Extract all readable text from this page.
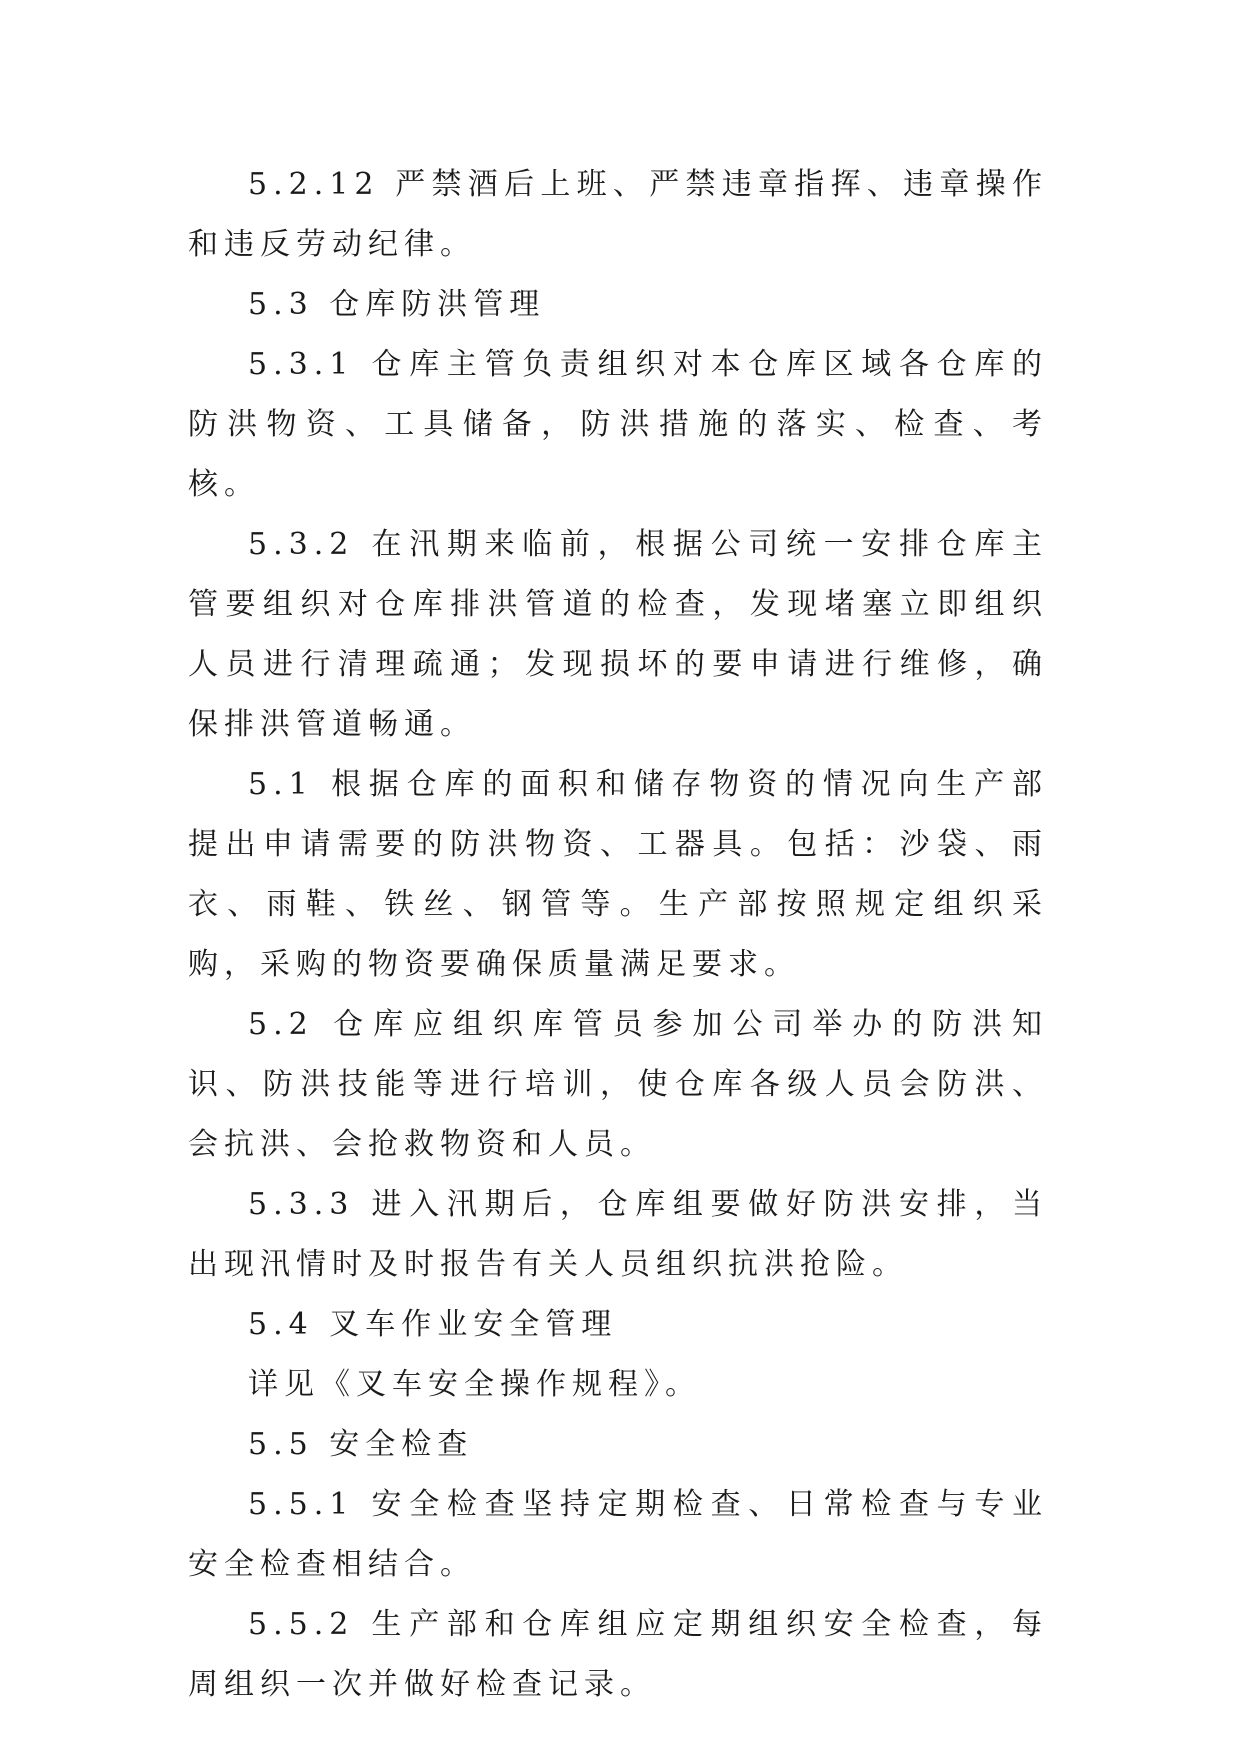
5.2.12 严禁酒后上班、严禁违章指挥、违章操作和违反劳动纪律。

5.3 仓库防洪管理

5.3.1 仓库主管负责组织对本仓库区域各仓库的防洪物资、工具储备，防洪措施的落实、检查、考核。

5.3.2 在汛期来临前，根据公司统一安排仓库主管要组织对仓库排洪管道的检查，发现堵塞立即组织人员进行清理疏通；发现损坏的要申请进行维修，确保排洪管道畅通。

5.1 根据仓库的面积和储存物资的情况向生产部提出申请需要的防洪物资、工器具。包括：沙袋、雨衣、雨鞋、铁丝、钢管等。生产部按照规定组织采购，采购的物资要确保质量满足要求。

5.2 仓库应组织库管员参加公司举办的防洪知识、防洪技能等进行培训，使仓库各级人员会防洪、会抗洪、会抢救物资和人员。

5.3.3 进入汛期后，仓库组要做好防洪安排，当出现汛情时及时报告有关人员组织抗洪抢险。

5.4 叉车作业安全管理

详见《叉车安全操作规程》。

5.5 安全检查

5.5.1 安全检查坚持定期检查、日常检查与专业安全检查相结合。

5.5.2 生产部和仓库组应定期组织安全检查，每周组织一次并做好检查记录。
